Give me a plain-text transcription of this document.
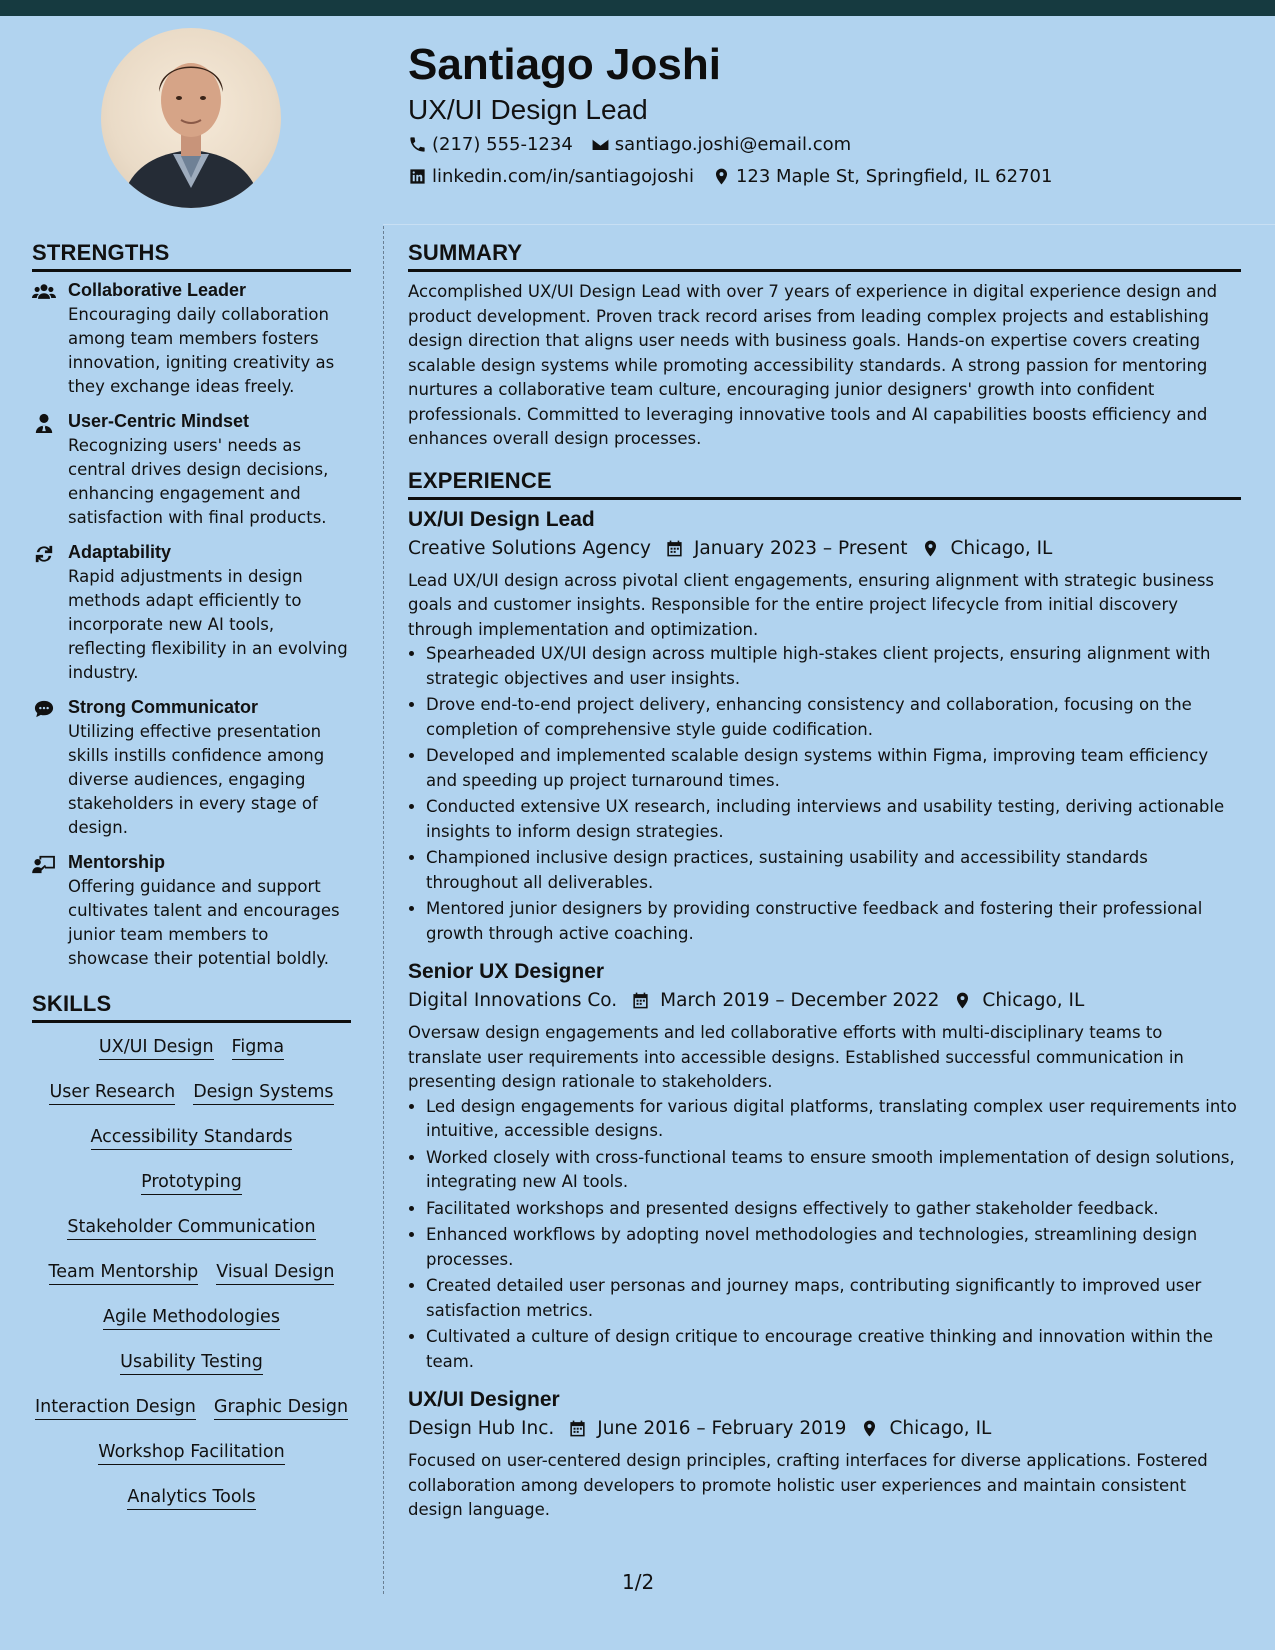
Santiago Joshi
UX/UI Design Lead
(217) 555-1234 santiago.joshi@email.com
linkedin.com/in/santiagojoshi 123 Maple St, Springfield, IL 62701
STRENGTHS
Collaborative Leader

Encouraging daily collaboration among team members fosters innovation, igniting creativity as they exchange ideas freely.

User-Centric Mindset

Recognizing users' needs as central drives design decisions, enhancing engagement and satisfaction with final products.

Adaptability

Rapid adjustments in design methods adapt efficiently to incorporate new AI tools, reflecting flexibility in an evolving industry.

Strong Communicator

Utilizing effective presentation skills instills confidence among diverse audiences, engaging stakeholders in every stage of design.

Mentorship

Offering guidance and support cultivates talent and encourages junior team members to showcase their potential boldly.

SKILLS
UX/UI Design Figma
User Research Design Systems
Accessibility Standards
Prototyping
Stakeholder Communication
Team Mentorship Visual Design
Agile Methodologies
Usability Testing
Interaction Design Graphic Design
Workshop Facilitation
Analytics Tools
SUMMARY

Accomplished UX/UI Design Lead with over 7 years of experience in digital experience design and product development. Proven track record arises from leading complex projects and establishing design direction that aligns user needs with business goals. Hands-on expertise covers creating scalable design systems while promoting accessibility standards. A strong passion for mentoring nurtures a collaborative team culture, encouraging junior designers' growth into confident professionals. Committed to leveraging innovative tools and AI capabilities boosts efficiency and enhances overall design processes.

EXPERIENCE
UX/UI Design Lead
Creative Solutions Agency January 2023 – Present Chicago, IL

Lead UX/UI design across pivotal client engagements, ensuring alignment with strategic business goals and customer insights. Responsible for the entire project lifecycle from initial discovery through implementation and optimization.

• Spearheaded UX/UI design across multiple high-stakes client projects, ensuring alignment with strategic objectives and user insights.
• Drove end-to-end project delivery, enhancing consistency and collaboration, focusing on the completion of comprehensive style guide codification.
• Developed and implemented scalable design systems within Figma, improving team efficiency and speeding up project turnaround times.
• Conducted extensive UX research, including interviews and usability testing, deriving actionable insights to inform design strategies.
• Championed inclusive design practices, sustaining usability and accessibility standards throughout all deliverables.
• Mentored junior designers by providing constructive feedback and fostering their professional growth through active coaching.
Senior UX Designer
Digital Innovations Co. March 2019 – December 2022 Chicago, IL

Oversaw design engagements and led collaborative efforts with multi-disciplinary teams to translate user requirements into accessible designs. Established successful communication in presenting design rationale to stakeholders.

• Led design engagements for various digital platforms, translating complex user requirements into intuitive, accessible designs.
• Worked closely with cross-functional teams to ensure smooth implementation of design solutions, integrating new AI tools.
• Facilitated workshops and presented designs effectively to gather stakeholder feedback.
• Enhanced workflows by adopting novel methodologies and technologies, streamlining design processes.
• Created detailed user personas and journey maps, contributing significantly to improved user satisfaction metrics.
• Cultivated a culture of design critique to encourage creative thinking and innovation within the team.
UX/UI Designer
Design Hub Inc. June 2016 – February 2019 Chicago, IL

Focused on user-centered design principles, crafting interfaces for diverse applications. Fostered collaboration among developers to promote holistic user experiences and maintain consistent design language.

1/2
